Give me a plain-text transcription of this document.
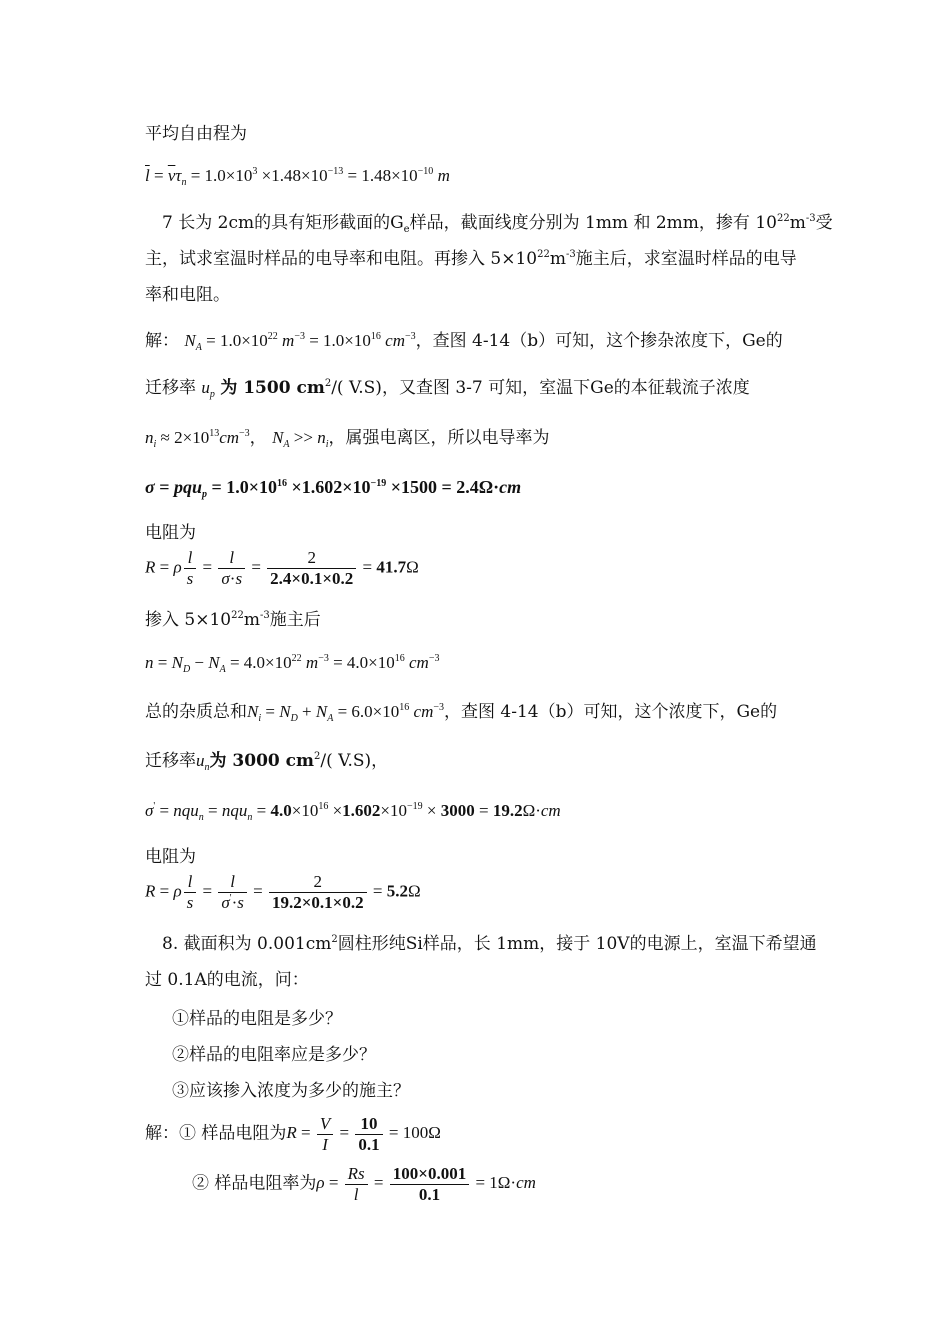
平均自由程为
$\overline{l} = \overline{v}\tau_n = 1.0\times 10^3 \times 1.48\times 10^{-13} = 1.48\times 10^{-10}$ m
7 长为 2cm的具有矩形截面的$G_e$样品，截面线度分别为 1mm 和 2mm，掺有 $10^{22}m^{-3}$受
主，试求室温时样品的电导率和电阻。再掺入 $5\times 10^{22}m^{-3}$施主后，求室温时样品的电导
率和电阻。
解： $N_A = 1.0\times 10^{22}$ $m^{-3} = 1.0\times 10^{16}$ $cm^{-3}$，查图 4-14（b）可知，这个掺杂浓度下，Ge的
迁移率 $u_p$ 为 1500 $cm^2/$( V.S)，又查图 3-7 可知，室温下Ge的本征载流子浓度
$n_i \approx 2\times 10^{13}cm^{-3}$， $N_A >> n_i$，属强电离区，所以电导率为
$\sigma = pqu_p = 1.0\times 10^{16} \times 1.602\times 10^{-19} \times 1500 = 2.4\Omega\cdot cm$
电阻为
R = ρ $\frac{l}{s} = \frac{l}{\sigma\cdot s} = \frac{2}{2.4\times 0.1\times 0.2} = 41.7\Omega$
掺入 $5\times 10^{22}m^{-3}$施主后
$n = N_D - N_A = 4.0\times 10^{22}$ $m^{-3} = 4.0\times 10^{16}$ $cm^{-3}$
总的杂质总和$N_i = N_D + N_A = 6.0\times 10^{16}$ $cm^{-3}$，查图 4-14（b）可知，这个浓度下，Ge的
迁移率$u_n$为 3000 $cm^2/$( V.S)，
$\sigma' = nqu_n = nqu_n = 4.0\times 10^{16} \times 1.602\times 10^{-19} \times 3000 = 19.2\Omega\cdot cm$
电阻为
R = ρ $\frac{l}{s} = \frac{l}{\sigma'\cdot s} = \frac{2}{19.2\times 0.1\times 0.2} = 5.2\Omega$
8. 截面积为 $0.001cm^2$圆柱形纯Si样品，长 1mm，接于 10V的电源上，室温下希望通
过 0.1A的电流，问：
①样品的电阻是多少？
②样品的电阻率应是多少？
③应该掺入浓度为多少的施主？
解：① 样品电阻为$R = \frac{V}{I} = \frac{10}{0.1} = 100\Omega$
② 样品电阻率为$\rho = \frac{Rs}{l} = \frac{100\times 0.001}{0.1} = 1\Omega\cdot cm$
